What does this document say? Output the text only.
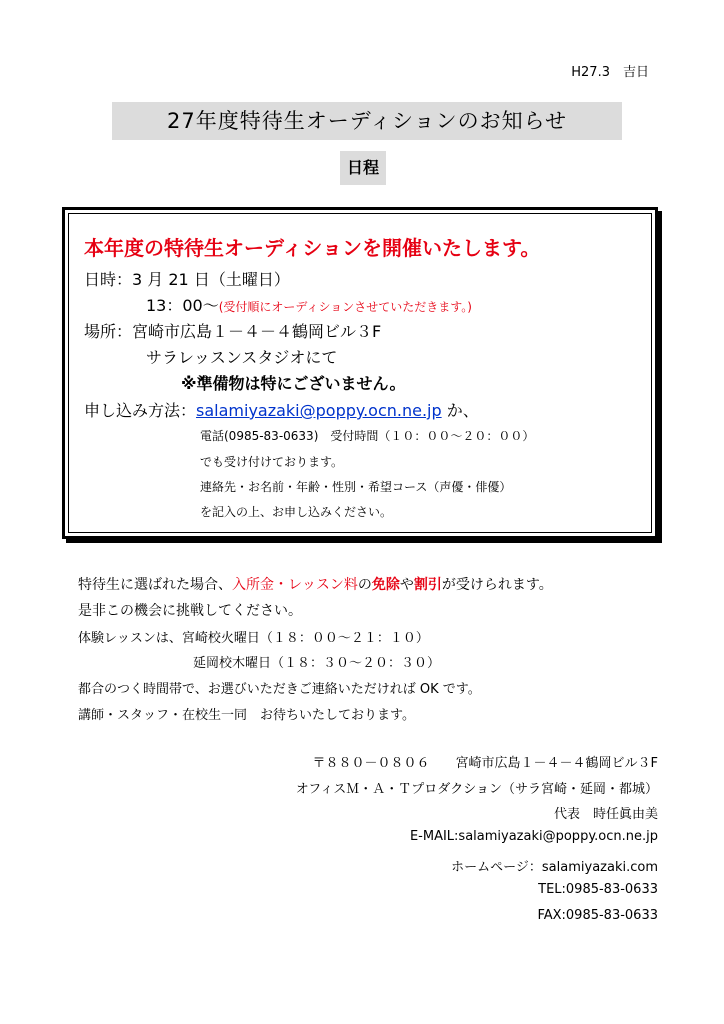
H27.3　吉日
27年度特待生オーディションのお知らせ
日程
本年度の特待生オーディションを開催いたします。
日時：3 月 21 日（土曜日）
13：00～(受付順にオーディションさせていただきます。)
場所：宮崎市広島１－４－４鶴岡ビル３F
サラレッスンスタジオにて
※準備物は特にございません。
申し込み方法：salamiyazaki@poppy.ocn.ne.jp か、
電話(0985-83-0633)　受付時間（１０：００～２０：００）
でも受け付けております。
連絡先・お名前・年齢・性別・希望コース（声優・俳優）
を記入の上、お申し込みください。
特待生に選ばれた場合、入所金・レッスン料の免除や割引が受けられます。
是非この機会に挑戦してください。
体験レッスンは、宮崎校火曜日（１８：００～２１：１０）
延岡校木曜日（１８：３０～２０：３０）
都合のつく時間帯で、お選びいただきご連絡いただければ OK です。
講師・スタッフ・在校生一同　お待ちいたしております。
〒８８０－０８０６　　宮崎市広島１－４－４鶴岡ビル３F
オフィスＭ・Ａ・Ｔプロダクション（サラ宮崎・延岡・都城）
代表　時任眞由美
E-MAIL:salamiyazaki@poppy.ocn.ne.jp
ホームページ：salamiyazaki.com
TEL:0985-83-0633
FAX:0985-83-0633
